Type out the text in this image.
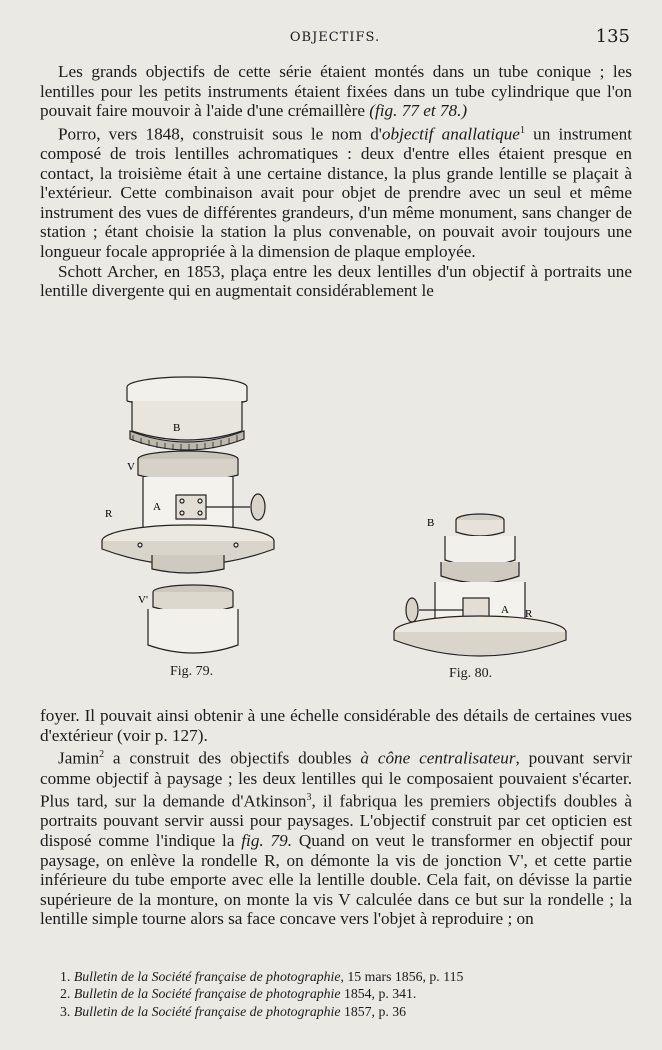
OBJECTIFS.	135

Les grands objectifs de cette série étaient montés dans un tube conique ; les lentilles pour les petits instruments étaient fixées dans un tube cylindrique que l'on pouvait faire mouvoir à l'aide d'une crémaillère (fig. 77 et 78.)

Porro, vers 1848, construisit sous le nom d'objectif anallatique$^1$ un instrument composé de trois lentilles achromatiques : deux d'entre elles étaient presque en contact, la troisième était à une certaine distance, la plus grande lentille se plaçait à l'extérieur. Cette combinaison avait pour objet de prendre avec un seul et même instrument des vues de différentes grandeurs, d'un même monument, sans changer de station ; étant choisie la station la plus convenable, on pouvait avoir toujours une longueur focale appropriée à la dimension de plaque employée.

Schott Archer, en 1853, plaça entre les deux lentilles d'un objectif à portraits une lentille divergente qui en augmentait considérablement le

B
R
V
A
V'
Fig. 79.
B
A R
Fig. 80.

foyer. Il pouvait ainsi obtenir à une échelle considérable des détails de certaines vues d'extérieur (voir p. 127).

Jamin$^2$ a construit des objectifs doubles à cône centralisateur, pouvant servir comme objectif à paysage ; les deux lentilles qui le composaient pouvaient s'écarter. Plus tard, sur la demande d'Atkinson$^3$, il fabriqua les premiers objectifs doubles à portraits pouvant servir aussi pour paysages. L'objectif construit par cet opticien est disposé comme l'indique la fig. 79. Quand on veut le transformer en objectif pour paysage, on enlève la rondelle R, on démonte la vis de jonction V', et cette partie inférieure du tube emporte avec elle la lentille double. Cela fait, on dévisse la partie supérieure de la monture, on monte la vis V calculée dans ce but sur la rondelle ; la lentille simple tourne alors sa face concave vers l'objet à reproduire ; on

1. Bulletin de la Société française de photographie, 15 mars 1856, p. 115
2. Bulletin de la Société française de photographie 1854, p. 341.
3. Bulletin de la Société française de photographie 1857, p. 36
